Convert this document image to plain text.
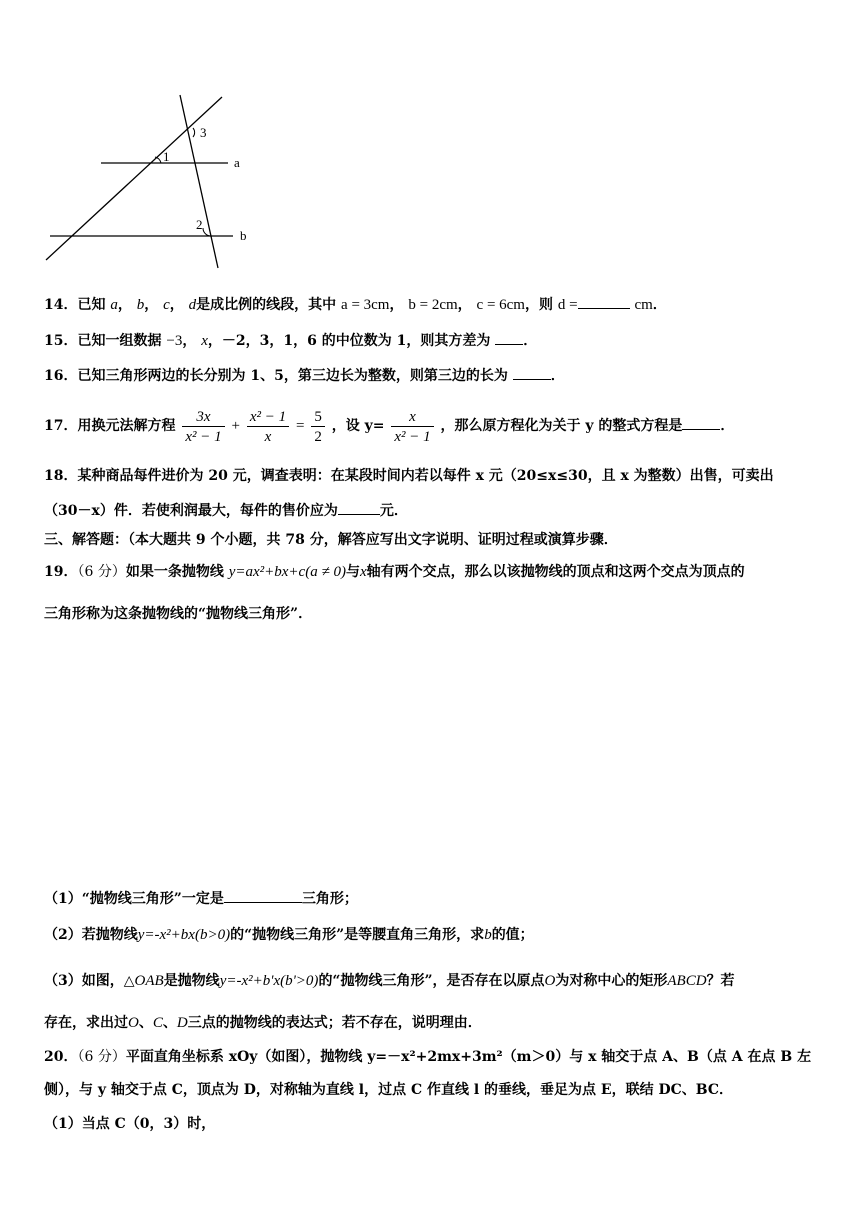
1
2
3
a
b
14．已知 a， b， c， d是成比例的线段，其中 a = 3cm， b = 2cm， c = 6cm，则 d =	cm．
15．已知一组数据 −3， x，－2，3，1，6 的中位数为 1，则其方差为 ．
16．已知三角形两边的长分别为 1、5，第三边长为整数，则第三边的长为	．
17．用换元法解方程 $\frac{3x}{\text{x² − 1}} + \frac{\text{x² − 1}}{x} = \frac{5}{2}$ ，设 $y= \frac{x}{\text{x² − 1}}$ ，那么原方程化为关于 y 的整式方程是	．
18．某种商品每件进价为 20 元，调查表明：在某段时间内若以每件 x 元（20≤x≤30，且 x 为整数）出售，可卖出
（30－x）件．若使利润最大，每件的售价应为	元．
三、解答题：（本大题共 9 个小题，共 78 分，解答应写出文字说明、证明过程或演算步骤．
19．（6 分）如果一条抛物线 y=ax²+bx+c(a ≠ 0)与x轴有两个交点，那么以该抛物线的顶点和这两个交点为顶点的
三角形称为这条抛物线的“抛物线三角形”．
（1）“抛物线三角形”一定是	三角形；
（2）若抛物线y=-x²+bx(b>0)的“抛物线三角形”是等腰直角三角形，求b的值；
（3）如图，△OAB是抛物线y=-x²+b'x(b'>0)的“抛物线三角形”，是否存在以原点O为对称中心的矩形ABCD？若
存在，求出过O、C、D三点的抛物线的表达式；若不存在，说明理由．
20．（6 分）平面直角坐标系 xOy（如图），抛物线 y=－x²+2mx+3m²（m＞0）与 x 轴交于点 A、B（点 A 在点 B 左
侧），与 y 轴交于点 C，顶点为 D，对称轴为直线 l，过点 C 作直线 l 的垂线，垂足为点 E，联结 DC、BC．
（1）当点 C（0，3）时，
